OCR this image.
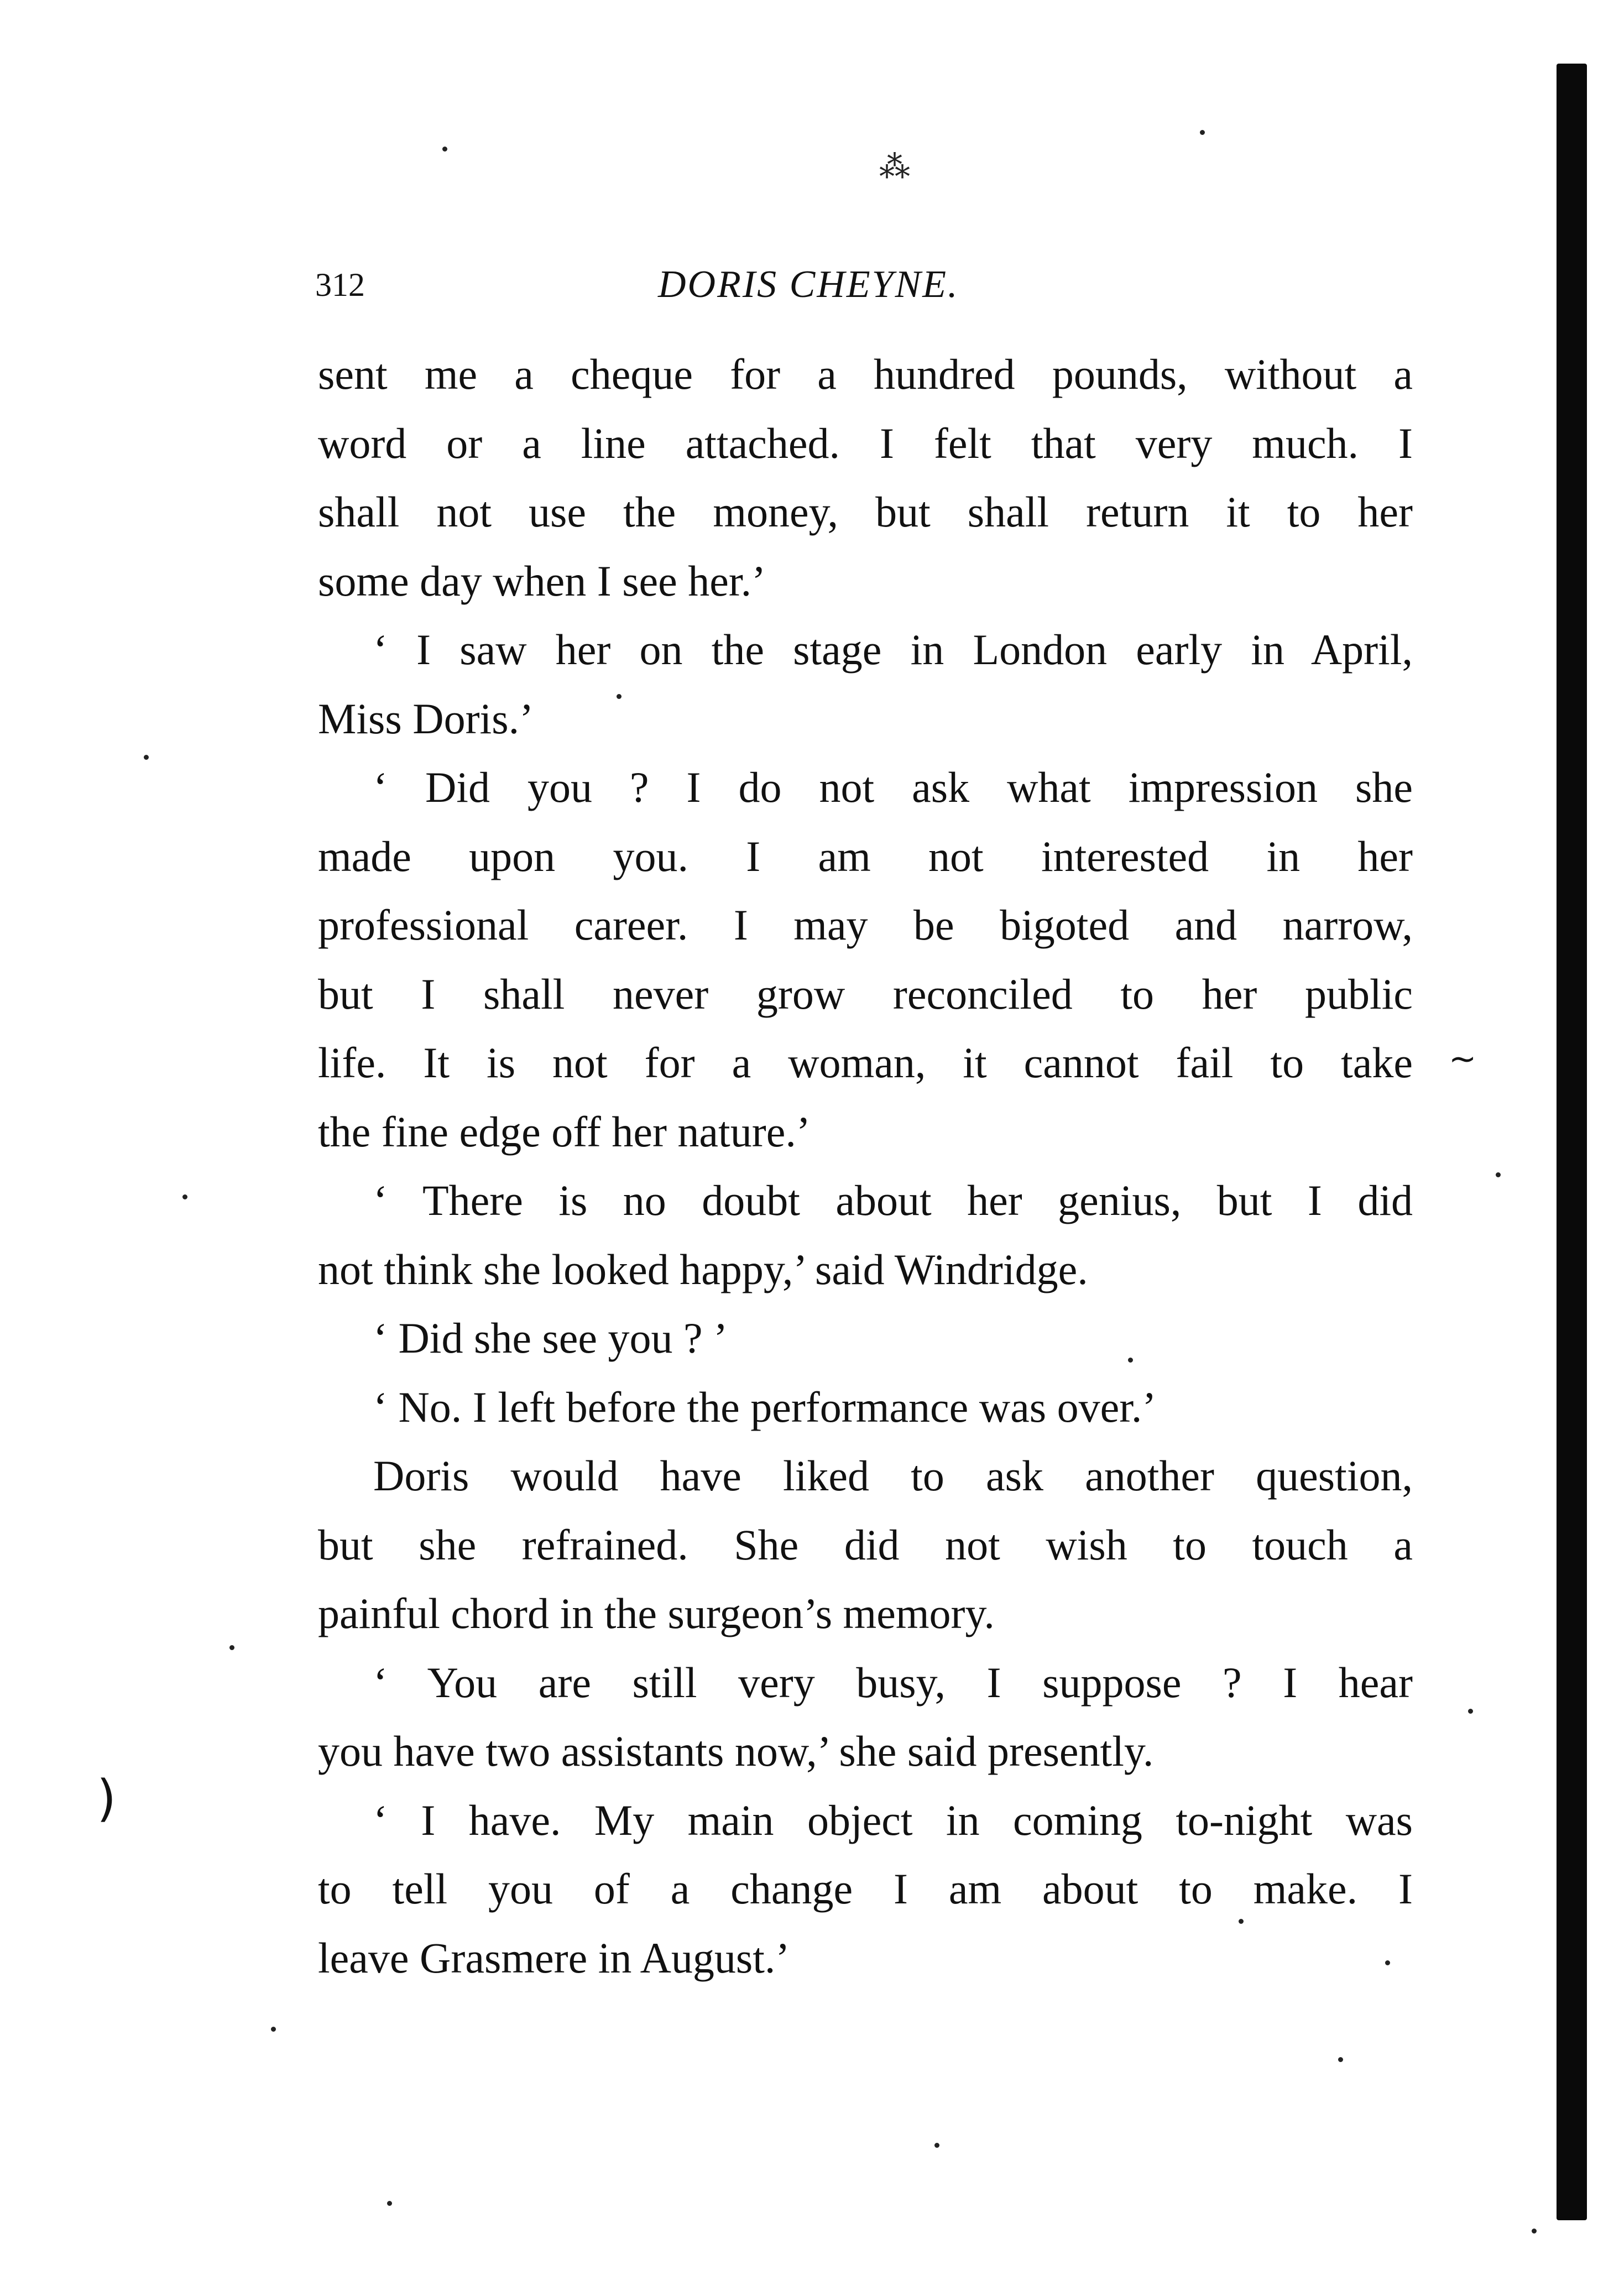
⁂
312	DORIS CHEYNE.
sent me a cheque for a hundred pounds, without a
word or a line attached. I felt that very much. I
shall not use the money, but shall return it to her
some day when I see her.’
‘ I saw her on the stage in London early in April,
Miss Doris.’
‘ Did you ? I do not ask what impression she
made upon you. I am not interested in her
professional career. I may be bigoted and narrow,
but I shall never grow reconciled to her public
life. It is not for a woman, it cannot fail to take
the fine edge off her nature.’
‘ There is no doubt about her genius, but I did
not think she looked happy,’ said Windridge.
‘ Did she see you ? ’
‘ No. I left before the performance was over.’
Doris would have liked to ask another question,
but she refrained. She did not wish to touch a
painful chord in the surgeon’s memory.
‘ You are still very busy, I suppose ? I hear
you have two assistants now,’ she said presently.
‘ I have. My main object in coming to-night was
to tell you of a change I am about to make. I
leave Grasmere in August.’
)
~
